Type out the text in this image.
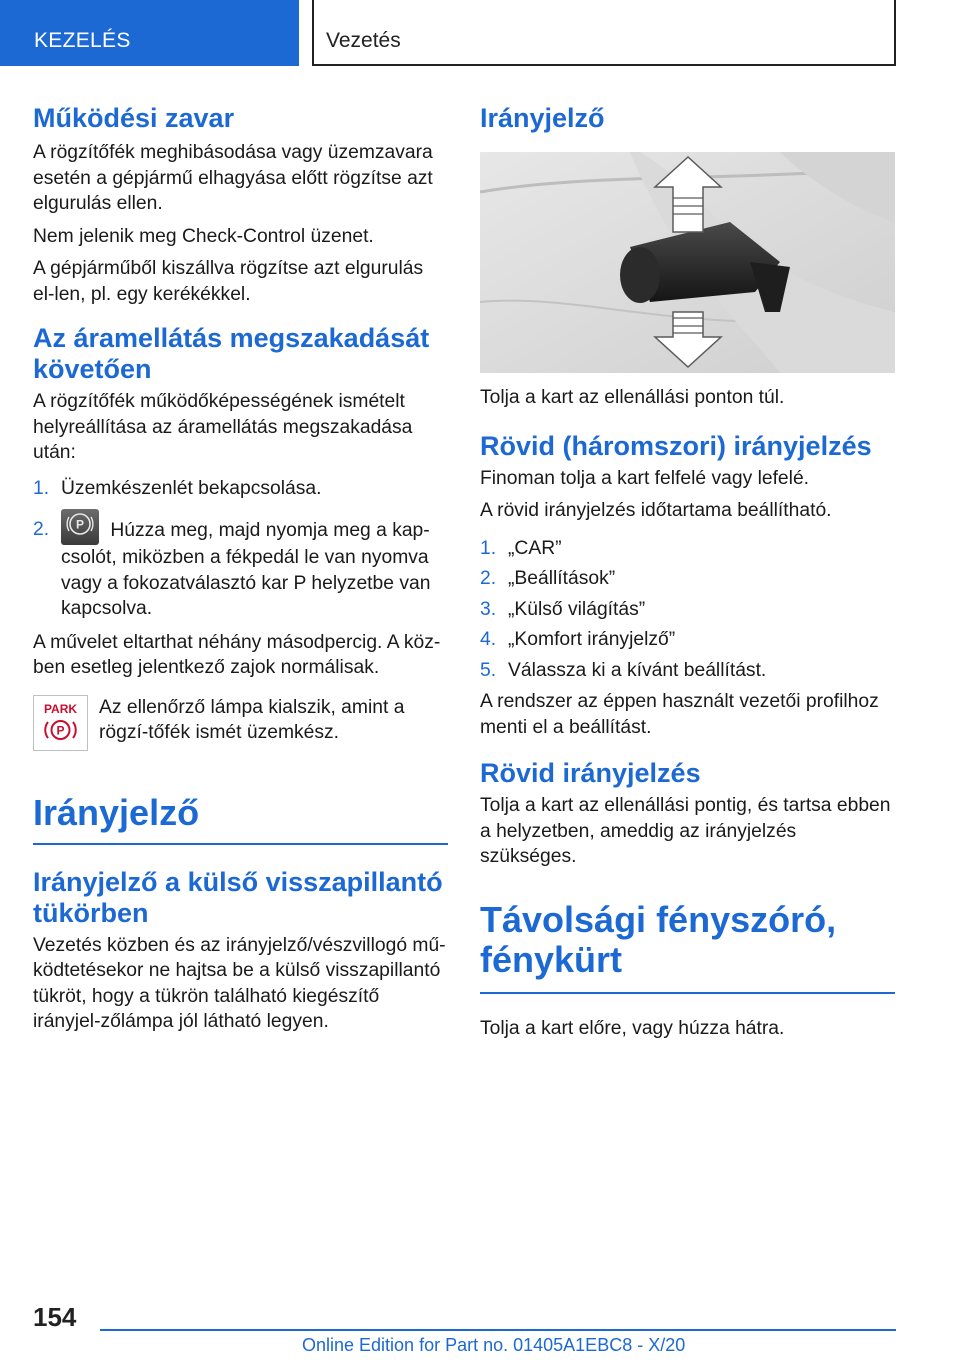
KEZELÉS	Vezetés
Működési zavar

A rögzítőfék meghibásodása vagy üzemzavara esetén a gépjármű elhagyása előtt rögzítse azt elgurulás ellen.

Nem jelenik meg Check-Control üzenet.

A gépjárműből kiszállva rögzítse azt elgurulás el-len, pl. egy kerékékkel.

Az áramellátás megszakadását követően

A rögzítőfék működőképességének ismételt helyreállítása az áramellátás megszakadása után:

1. Üzemkészenlét bekapcsolása.
2. P Húzza meg, majd nyomja meg a kap-csolót, miközben a fékpedál le van nyomva vagy a fokozatválasztó kar P helyzetbe van kapcsolva.

A művelet eltarthat néhány másodpercig. A köz-ben esetleg jelentkező zajok normálisak.

PARK
P

Az ellenőrző lámpa kialszik, amint a rögzí-tőfék ismét üzemkész.

Irányjelző
Irányjelző a külső visszapillantó tükörben

Vezetés közben és az irányjelző/vészvillogó mű-ködtetésekor ne hajtsa be a külső visszapillantó tükröt, hogy a tükrön található kiegészítő irányjel-zőlámpa jól látható legyen.

Irányjelző

Tolja a kart az ellenállási ponton túl.

Rövid (háromszori) irányjelzés

Finoman tolja a kart felfelé vagy lefelé.

A rövid irányjelzés időtartama beállítható.

1. „CAR”
2. „Beállítások”
3. „Külső világítás”
4. „Komfort irányjelző”
5. Válassza ki a kívánt beállítást.

A rendszer az éppen használt vezetői profilhoz menti el a beállítást.

Rövid irányjelzés

Tolja a kart az ellenállási pontig, és tartsa ebben a helyzetben, ameddig az irányjelzés szükséges.

Távolsági fényszóró, fénykürt

Tolja a kart előre, vagy húzza hátra.

154
Online Edition for Part no. 01405A1EBC8 - X/20
